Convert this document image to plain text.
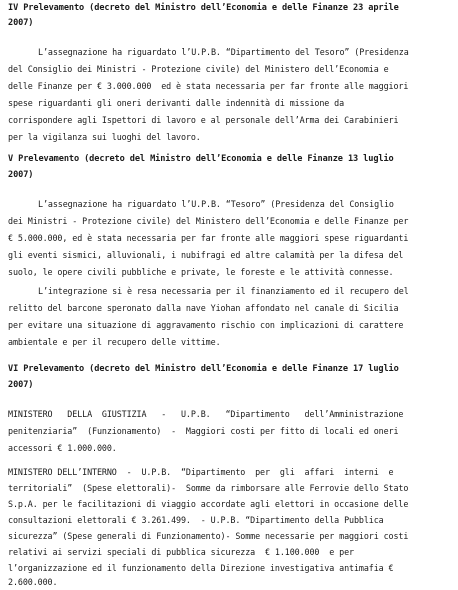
IV Prelevamento (decreto del Ministro dell’Economia e delle Finanze 23 aprile
2007)
L’assegnazione ha riguardato l’U.P.B. “Dipartimento del Tesoro” (Presidenza
del Consiglio dei Ministri - Protezione civile) del Ministero dell’Economia e
delle Finanze per € 3.000.000  ed è stata necessaria per far fronte alle maggiori
spese riguardanti gli oneri derivanti dalle indennità di missione da
corrispondere agli Ispettori di lavoro e al personale dell’Arma dei Carabinieri
per la vigilanza sui luoghi del lavoro.
V Prelevamento (decreto del Ministro dell’Economia e delle Finanze 13 luglio
2007)
L’assegnazione ha riguardato l’U.P.B. “Tesoro” (Presidenza del Consiglio
dei Ministri - Protezione civile) del Ministero dell’Economia e delle Finanze per
€ 5.000.000, ed è stata necessaria per far fronte alle maggiori spese riguardanti
gli eventi sismici, alluvionali, i nubifragi ed altre calamità per la difesa del
suolo, le opere civili pubbliche e private, le foreste e le attività connesse.
L’integrazione si è resa necessaria per il finanziamento ed il recupero del
relitto del barcone speronato dalla nave Yiohan affondato nel canale di Sicilia
per evitare una situazione di aggravamento rischio con implicazioni di carattere
ambientale e per il recupero delle vittime.
VI Prelevamento (decreto del Ministro dell’Economia e delle Finanze 17 luglio
2007)
MINISTERO   DELLA  GIUSTIZIA   -   U.P.B.   “Dipartimento   dell’Amministrazione
penitenziaria”  (Funzionamento)  -  Maggiori costi per fitto di locali ed oneri
accessori € 1.000.000.
MINISTERO DELL’INTERNO  -  U.P.B.  “Dipartimento  per  gli  affari  interni  e
territoriali”  (Spese elettorali)-  Somme da rimborsare alle Ferrovie dello Stato
S.p.A. per le facilitazioni di viaggio accordate agli elettori in occasione delle
consultazioni elettorali € 3.261.499.  - U.P.B. “Dipartimento della Pubblica
sicurezza” (Spese generali di Funzionamento)- Somme necessarie per maggiori costi
relativi ai servizi speciali di pubblica sicurezza  € 1.100.000  e per
l’organizzazione ed il funzionamento della Direzione investigativa antimafia €
2.600.000.
